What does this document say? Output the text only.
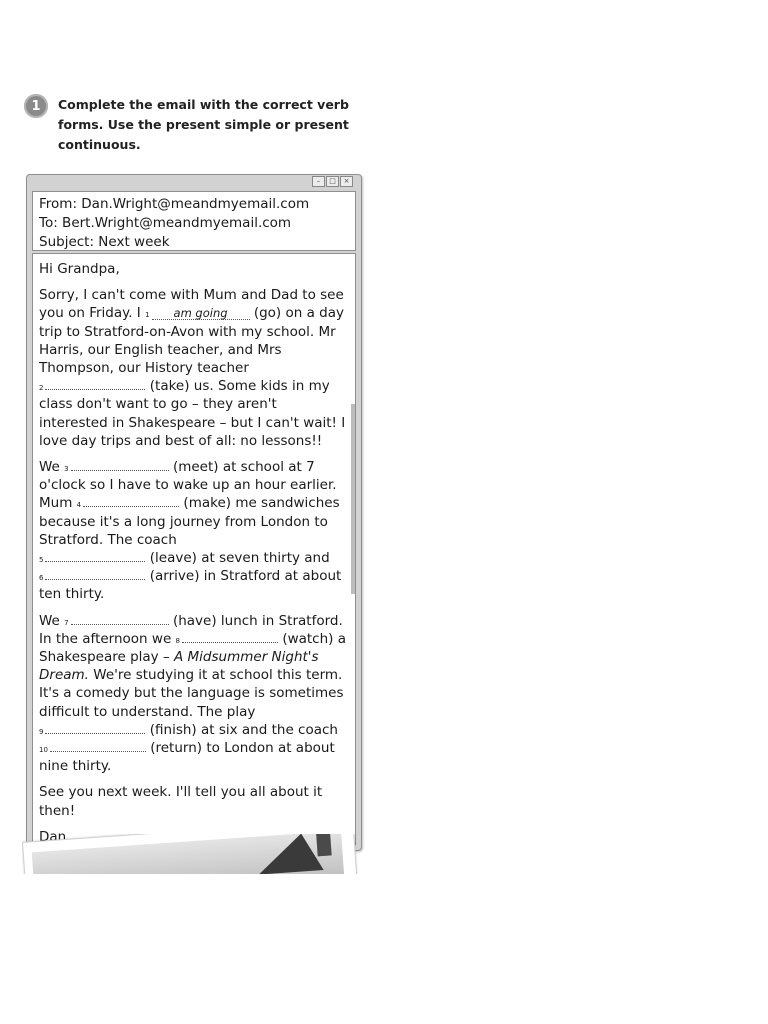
1	Complete the email with the correct verb forms. Use the present simple or present continuous.
–	□	×
From: Dan.Wright@meandmyemail.com
To: Bert.Wright@meandmyemail.com
Subject: Next week

Hi Grandpa,

Sorry, I can't come with Mum and Dad to see you on Friday. I $^1$ am going (go) on a day trip to Stratford-on-Avon with my school. Mr Harris, our English teacher, and Mrs Thompson, our History teacher
$^2$	(take) us. Some kids in my class don't want to go – they aren't interested in Shakespeare – but I can't wait! I love day trips and best of all: no lessons!!

We $^3$	(meet) at school at 7 o'clock so I have to wake up an hour earlier. Mum $^4$	(make) me sandwiches because it's a long journey from London to Stratford. The coach
$^5$	(leave) at seven thirty and
$^6$	(arrive) in Stratford at about ten thirty.

We $^7$	(have) lunch in Stratford. In the afternoon we $^8$	(watch) a Shakespeare play – A Midsummer Night's Dream. We're studying it at school this term. It's a comedy but the language is sometimes difficult to understand. The play
$^9$	(finish) at six and the coach
$^{10}$	(return) to London at about nine thirty.

See you next week. I'll tell you all about it then!

Dan
